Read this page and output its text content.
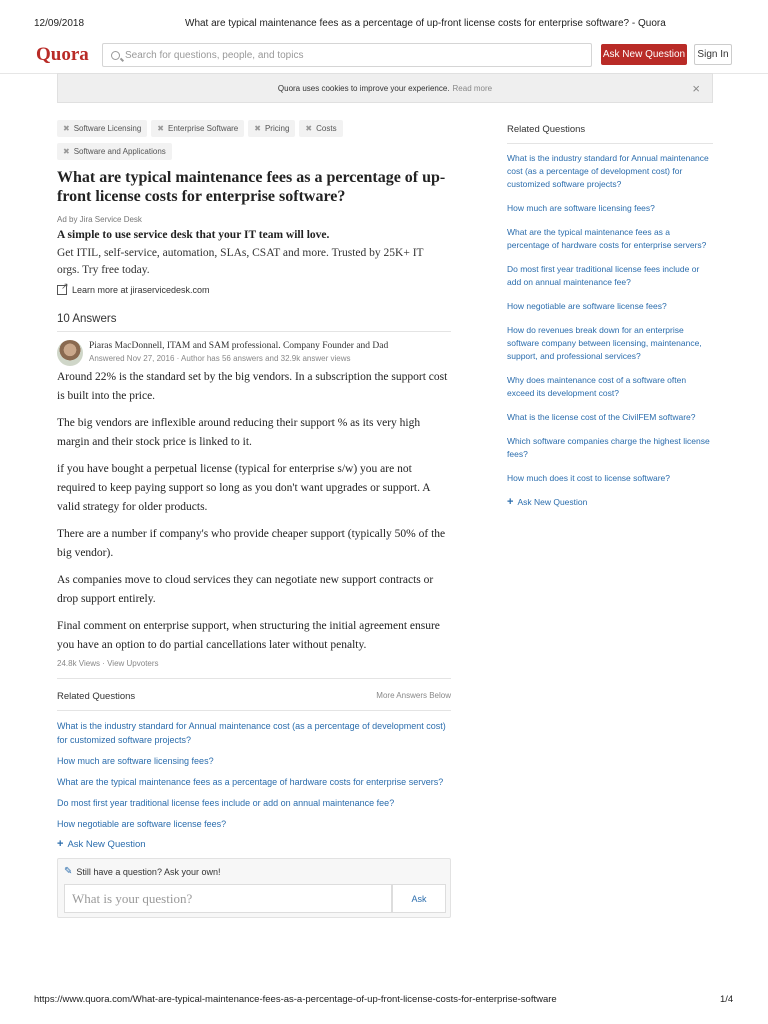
12/09/2018	What are typical maintenance fees as a percentage of up-front license costs for enterprise software? - Quora
Quora	Search for questions, people, and topics	Ask New Question	Sign In
Quora uses cookies to improve your experience. Read more	×
✖ Software Licensing ✖ Enterprise Software ✖ Pricing ✖ Costs
✖ Software and Applications
What are typical maintenance fees as a percentage of up-front license costs for enterprise software?
Ad by Jira Service Desk
A simple to use service desk that your IT team will love.
Get ITIL, self-service, automation, SLAs, CSAT and more. Trusted by 25K+ IT orgs. Try free today.
↗
Learn more at jiraservicedesk.com
10 Answers
Piaras MacDonnell, ITAM and SAM professional. Company Founder and Dad
Answered Nov 27, 2016 · Author has 56 answers and 32.9k answer views

Around 22% is the standard set by the big vendors. In a subscription the support cost is built into the price.

The big vendors are inflexible around reducing their support % as its very high margin and their stock price is linked to it.

if you have bought a perpetual license (typical for enterprise s/w) you are not required to keep paying support so long as you don't want upgrades or support. A valid strategy for older products.

There are a number if company's who provide cheaper support (typically 50% of the big vendor).

As companies move to cloud services they can negotiate new support contracts or drop support entirely.

Final comment on enterprise support, when structuring the initial agreement ensure you have an option to do partial cancellations later without penalty.

24.8k Views · View Upvoters
Related Questions	More Answers Below
What is the industry standard for Annual maintenance cost (as a percentage of development cost) for customized software projects?
How much are software licensing fees?
What are the typical maintenance fees as a percentage of hardware costs for enterprise servers?
Do most first year traditional license fees include or add on annual maintenance fee?
How negotiable are software license fees?
+ Ask New Question
✎ Still have a question? Ask your own!
What is your question?	Ask
Related Questions
What is the industry standard for Annual maintenance cost (as a percentage of development cost) for customized software projects?
How much are software licensing fees?
What are the typical maintenance fees as a percentage of hardware costs for enterprise servers?
Do most first year traditional license fees include or add on annual maintenance fee?
How negotiable are software license fees?
How do revenues break down for an enterprise software company between licensing, maintenance, support, and professional services?
Why does maintenance cost of a software often exceed its development cost?
What is the license cost of the CivilFEM software?
Which software companies charge the highest license fees?
How much does it cost to license software?
+ Ask New Question
https://www.quora.com/What-are-typical-maintenance-fees-as-a-percentage-of-up-front-license-costs-for-enterprise-software	1/4
